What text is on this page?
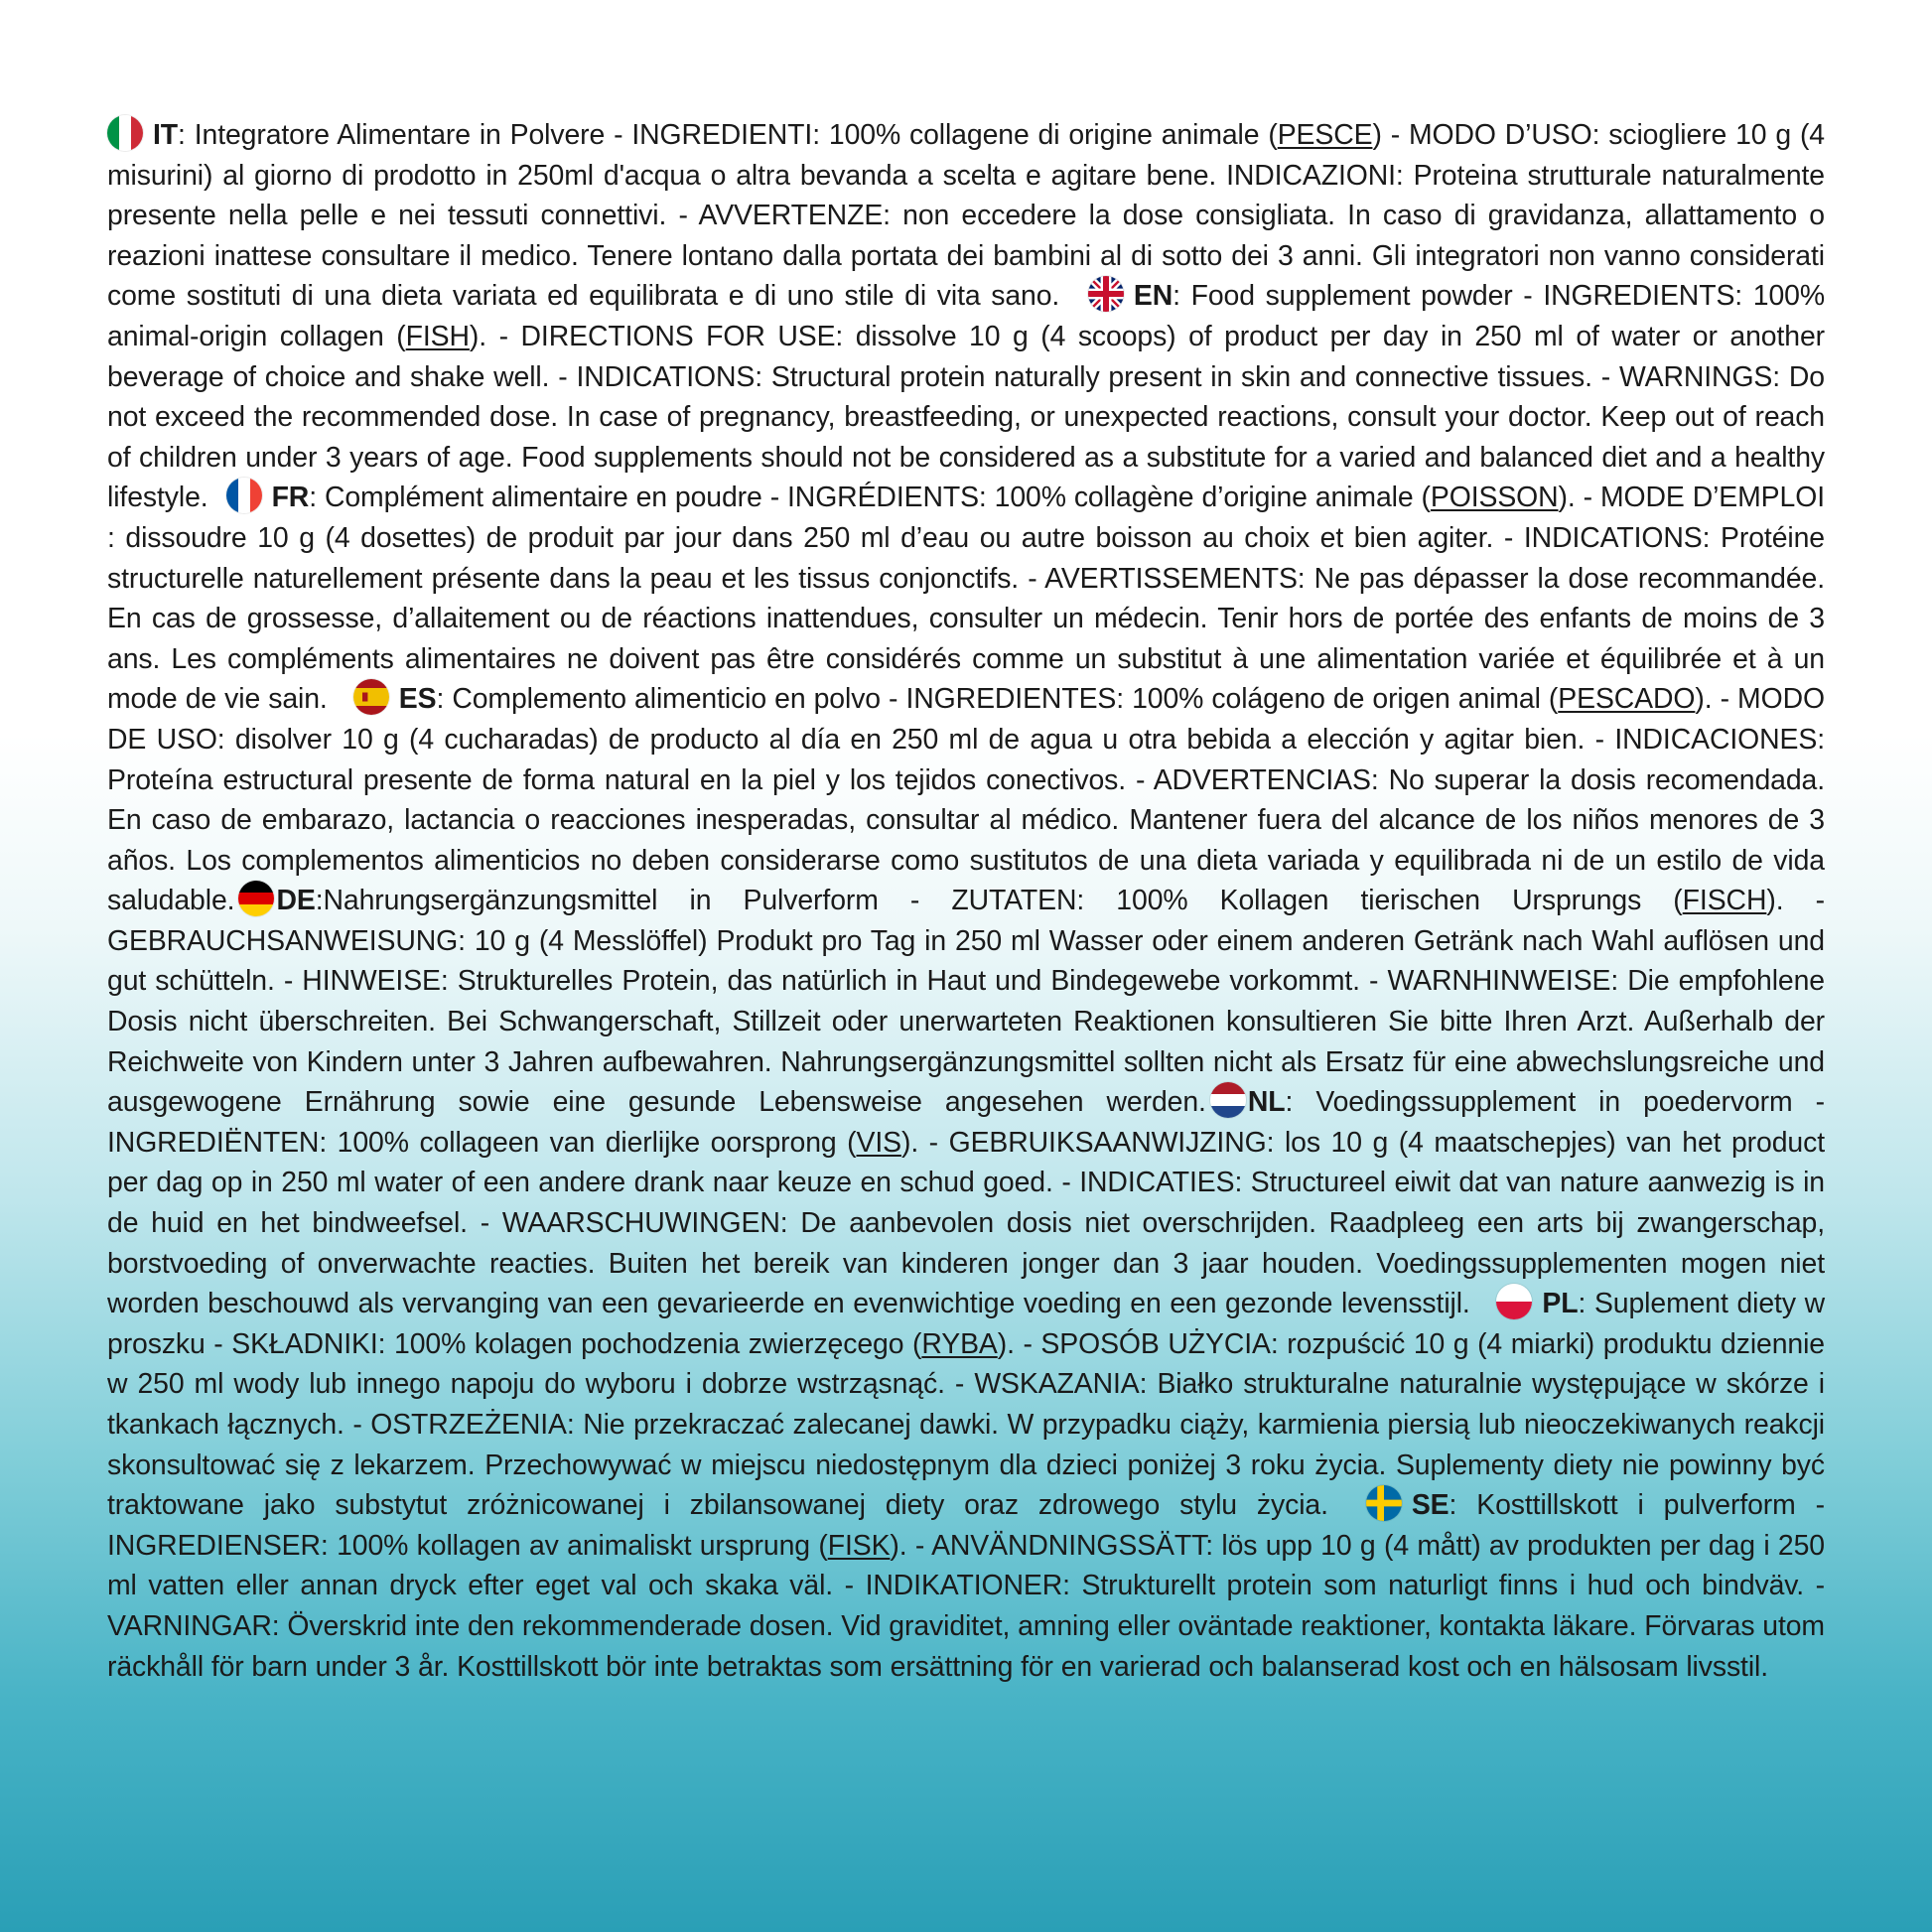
IT: Integratore Alimentare in Polvere - INGREDIENTI: 100% collagene di origine animale (PESCE) - MODO D’USO: sciogliere 10 g (4 misurini) al giorno di prodotto in 250ml d'acqua o altra bevanda a scelta e agitare bene. INDICAZIONI: Proteina strutturale naturalmente presente nella pelle e nei tessuti connettivi. - AVVERTENZE: non eccedere la dose consigliata. In caso di gravidanza, allattamento o reazioni inattese consultare il medico. Tenere lontano dalla portata dei bambini al di sotto dei 3 anni. Gli integratori non vanno considerati come sostituti di una dieta variata ed equilibrata e di uno stile di vita sano.
EN: Food supplement powder - INGREDIENTS: 100% animal-origin collagen (FISH). - DIRECTIONS FOR USE: dissolve 10 g (4 scoops) of product per day in 250 ml of water or another beverage of choice and shake well. - INDICATIONS: Structural protein naturally present in skin and connective tissues. - WARNINGS: Do not exceed the recommended dose. In case of pregnancy, breastfeeding, or unexpected reactions, consult your doctor. Keep out of reach of children under 3 years of age. Food supplements should not be considered as a substitute for a varied and balanced diet and a healthy lifestyle. FR: Complément alimentaire en poudre - INGRÉDIENTS: 100% collagène d’origine animale (POISSON). - MODE D’EMPLOI : dissoudre 10 g (4 dosettes) de produit par jour dans 250 ml d’eau ou autre boisson au choix et bien agiter. - INDICATIONS: Protéine structurelle naturellement présente dans la peau et les tissus conjonctifs. - AVERTISSEMENTS: Ne pas dépasser la dose recommandée. En cas de grossesse, d’allaitement ou de réactions inattendues, consulter un médecin. Tenir hors de portée des enfants de moins de 3 ans. Les compléments alimentaires ne doivent pas être considérés comme un substitut à une alimentation variée et équilibrée et à un mode de vie sain.
ES: Complemento alimenticio en polvo - INGREDIENTES: 100% colágeno de origen animal (PESCADO). - MODO DE USO: disolver 10 g (4 cucharadas) de producto al día en 250 ml de agua u otra bebida a elección y agitar bien. - INDICACIONES: Proteína estructural presente de forma natural en la piel y los tejidos conectivos. - ADVERTENCIAS: No superar la dosis recomendada. En caso de embarazo, lactancia o reacciones inesperadas, consultar al médico. Mantener fuera del alcance de los niños menores de 3 años. Los complementos alimenticios no deben considerarse como sustitutos de una dieta variada y equilibrada ni de un estilo de vida saludable. DE:Nahrungsergänzungsmittel in Pulverform - ZUTATEN: 100% Kollagen tierischen Ursprungs (FISCH). - GEBRAUCHSANWEISUNG: 10 g (4 Messlöffel) Produkt pro Tag in 250 ml Wasser oder einem anderen Getränk nach Wahl auflösen und gut schütteln. - HINWEISE: Strukturelles Protein, das natürlich in Haut und Bindegewebe vorkommt. - WARNHINWEISE: Die empfohlene Dosis nicht überschreiten. Bei Schwangerschaft, Stillzeit oder unerwarteten Reaktionen konsultieren Sie bitte Ihren Arzt. Außerhalb der Reichweite von Kindern unter 3 Jahren aufbewahren. Nahrungsergänzungsmittel sollten nicht als Ersatz für eine abwechslungsreiche und ausgewogene Ernährung sowie eine gesunde Lebensweise angesehen werden. NL: Voedingssupplement in poedervorm - INGREDIËNTEN: 100% collageen van dierlijke oorsprong (VIS). - GEBRUIKSAANWIJZING: los 10 g (4 maatschepjes) van het product per dag op in 250 ml water of een andere drank naar keuze en schud goed. - INDICATIES: Structureel eiwit dat van nature aanwezig is in de huid en het bindweefsel. - WAARSCHUWINGEN: De aanbevolen dosis niet overschrijden. Raadpleeg een arts bij zwangerschap, borstvoeding of onverwachte reacties. Buiten het bereik van kinderen jonger dan 3 jaar houden. Voedingssupplementen mogen niet worden beschouwd als vervanging van een gevarieerde en evenwichtige voeding en een gezonde levensstijl.
PL: Suplement diety w proszku - SKŁADNIKI: 100% kolagen pochodzenia zwierzęcego (RYBA). - SPOSÓB UŻYCIA: rozpuścić 10 g (4 miarki) produktu dziennie w 250 ml wody lub innego napoju do wyboru i dobrze wstrząsnąć. - WSKAZANIA: Białko strukturalne naturalnie występujące w skórze i tkankach łącznych. - OSTRZEŻENIA: Nie przekraczać zalecanej dawki. W przypadku ciąży, karmienia piersią lub nieoczekiwanych reakcji skonsultować się z lekarzem. Przechowywać w miejscu niedostępnym dla dzieci poniżej 3 roku życia. Suplementy diety nie powinny być traktowane jako substytut zróżnicowanej i zbilansowanej diety oraz zdrowego stylu życia.
SE: Kosttillskott i pulverform - INGREDIENSER: 100% kollagen av animaliskt ursprung (FISK). - ANVÄNDNINGSSÄTT: lös upp 10 g (4 mått) av produkten per dag i 250 ml vatten eller annan dryck efter eget val och skaka väl. - INDIKATIONER: Strukturellt protein som naturligt finns i hud och bindväv. - VARNINGAR: Överskrid inte den rekommenderade dosen. Vid graviditet, amning eller oväntade reaktioner, kontakta läkare. Förvaras utom räckhåll för barn under 3 år. Kosttillskott bör inte betraktas som ersättning för en varierad och balanserad kost och en hälsosam livsstil.
